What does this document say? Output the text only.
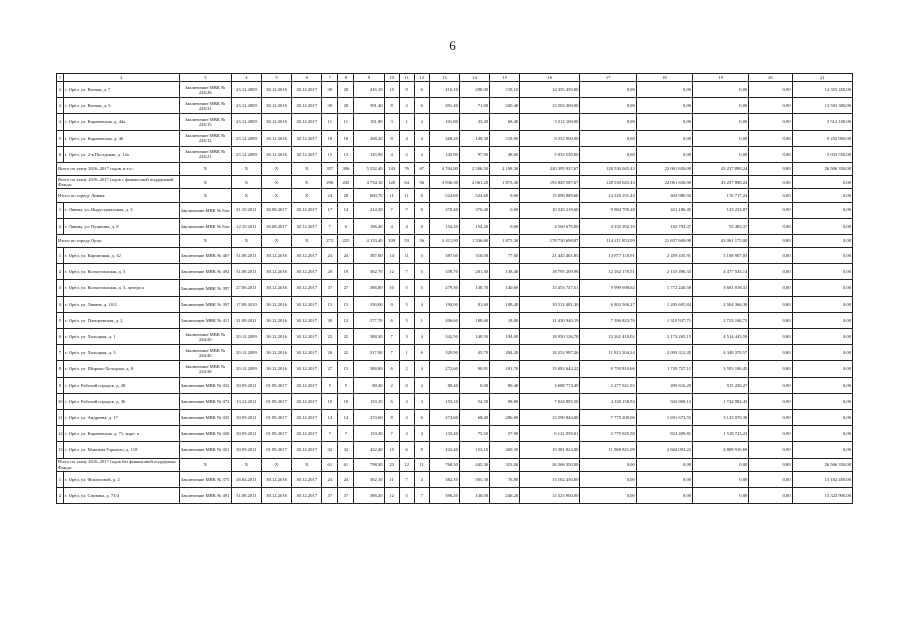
6
1	2	3	4	5	6	7	8	9	10	11	12	13	14	15	16	17	18	19	20	21
2	г. Орёл, ул. Ватная, д. 7	Заключение МВК № 226/28	23.12.2009	30.12.2016	30.12.2017	30	20	416,10	15	9	6	416,10	298,00	118,10	14 355 450,00	0,00	0,00	0,00	0,00	14 355 450,00
3	г. Орёл, ул. Ватная, д. 3	Заключение МВК № 226/31	23.12.2009	30.12.2016	30.12.2017	30	20	391,40	8	2	6	391,40	71,00	320,40	13 503 300,00	0,00	0,00	0,00	0,00	13 503 300,00
4	г. Орёл, ул. Карачевская, д. 44а	Заключение МВК № 226/15	23.12.2009	30.12.2016	30.12.2017	11	11	101,80	3	1	2	101,80	33,40	68,40	3 512 100,00	0,00	0,00	0,00	0,00	3 512 100,00
5	г. Орёл, ул. Карачевская, д. 46	Заключение МВК № 226/12	23.12.2009	30.12.2016	30.12.2017	18	18	268,20	8	4	4	268,20	149,30	118,90	9 252 900,00	0,00	0,00	0,00	0,00	9 252 900,00
6	г. Орёл, ул. 2-я Посадская, д. 14а	Заключение МВК № 226/21	23.12.2009	30.12.2016	30.12.2017	15	15	145,90	4	2	2	145,90	97,90	48,00	5 033 550,00	0,00	0,00	0,00	0,00	5 033 550,00
Всего по этапу 2016–2017 годов, в т.ч.:		X	X	X	X	357	306	5 532,40	143	76	67	4 704,80	2 506,50	2 198,30	220 395 937,67	128 530 045,43	22 061 650,00	43 237 890,24	0,00	26 506 350,00
Всего по этапу 2016–2017 годов с финансовой поддержкой Фонда:		X	X	X	X	296	245	4 734,10	120	64	56	3 936,50	2 061,20	1 875,30	193 829 587,67	128 530 045,43	22 061 650,00	43 237 890,24	0,00	0,00
Итого по городу Ливны:		X	X	X	X	24	20	600,70	11	11	0	524,60	524,60	0,00	15 098 889,60	14 318 191,44	403 980,92	176 717,24	0,00	0,00
1	г. Ливны, ул. Индустриальная, д. 3	Заключение МВК № 6/ш	31.10.2011	30.08.2017	30.12.2017	17	14	414,30	7	7	0	370,40	370,40	0,00	10 529 219,60	9 984 799,28	421 186,45	123 233,87	0,00	0,00
2	г. Ливны, ул. Пушкина, д. 8	Заключение МВК № 6/ш	12.10.2011	30.08.2017	30.12.2017	7	6	186,40	4	4	0	154,20	154,20	0,00	4 569 670,00	4 333 392,16	182 794,47	53 483,37	0,00	0,00
Итого по городу Орлу:		X	X	X	X	272	225	4 133,40	109	53	56	3 411,90	1 536,60	1 875,30	178 730 698,07	114 211 853,99	21 657 669,08	43 061 175,00	0,00	0,00
1	г. Орёл, ул. Кирпичная, д. 32	Заключение МВК № 467	31.08.2011	30.12.2016	30.12.2017	24	24	387,60	14	11	3	387,60	310,00	77,60	21 445 461,85	13 877 118,91	2 459 435,91	5 108 907,03	0,00	0,00
2	г. Орёл, ул. Колхозтанская, д. 3	Заключение МВК № 492	31.08.2011	30.12.2016	30.12.2017	20	19	382,70	12	7	5	339,70	201,30	138,40	18 795 209,98	12 162 170,51	2 155 496,33	4 477 543,14	0,00	0,00
3	г. Орёл, ул. Колхозтанская, д. 3, литера а	Заключение МВК № 397	27.06.2011	30.12.2016	30.12.2017	37	27	386,80	10	5	5	279,30	138,70	140,60	15 453 747,51	9 999 698,62	1 772 240,58	3 681 818,31	0,00	0,00
4	г. Орёл, ул. Ливаев, д. 10/2	Заключение МВК № 397	17.09.2010	30.12.2016	30.12.2017	15	15	190,00	9	5	4	190,00	81,60	108,40	10 512 481,30	6 802 506,27	1 205 605,84	2 504 366,39	0,00	0,00
5	г. Орёл, ул. Плещеевская, д. 2	Заключение МВК № 411	31.08.2011	30.12.2016	30.12.2017	30	12	577,70	6	5	1	206,60	188,60	18,00	11 430 940,19	7 396 823,76	1 310 937,71	2 723 168,72	0,00	0,00
6	г. Орёл, ул. Холодная, д. 1	Заключение МВК № 226/20	29.12.2009	30.12.2016	30.12.2017	25	25	388,30	7	3	4	342,50	148,50	194,00	18 950 126,78	12 262 418,02	2 173 265,15	4 514 443,59	0,00	0,00
7	г. Орёл, ул. Холодная, д. 3	Заключение МВК № 226/40	29.12.2009	30.12.2016	30.12.2017	26	22	317,90	7	1	6	329,90	45,70	284,20	18 252 987,26	11 813 304,24	2 093 312,45	4 348 370,57	0,00	0,00
8	г. Орёл, ул. Широко-Холодная, д. 8	Заключение МВК № 226/38	29.12.2009	30.12.2016	30.12.2017	27	15	388,80	6	2	4	272,60	90,91	181,70	15 082 644,22	9 759 810,66	1 729 727,11	3 593 106,45	0,00	0,00
9	г. Орёл, Рабочий городок, д. 28	Заключение МВК № 432	30.09.2011	01.09.2017	30.12.2017	5	5	80,40	2	0	2	80,40	0,00	80,40	3 688 774,49	2 277 921,93	495 616,29	915 236,27	0,00	0,00
10	г. Орёл, Рабочий городок, д. 36	Заключение МВК № 472	13.12.2011	01.09.2017	30.12.2017	10	10	153,10	6	3	3	153,10	54,30	98,80	7 024 995,50	4 338 158,94	943 869,13	1 742 982,43	0,00	0,00
11	г. Орёл, ул. Андреева, д. 17	Заключение МВК № 435	30.09.2011	01.09.2017	30.12.2017	14	14	274,60	8	2	6	274,60	68,40	206,00	13 590 844,00	7 775 200,06	1 691 673,55	3 123 970,39	0,00	0,00
12	г. Орёл, ул. Карачевская, д. 71, корп. а	Заключение МВК № 430	30.09.2011	01.09.2017	30.12.2017	7	7	153,40	7	3	4	133,40	75,50	57,90	6 121 059,01	3 779 925,58	822 409,81	1 518 723,22	0,00	0,00
13	г. Орёл, ул. Максима Горького, д. 118	Заключение МВК № 431	30.09.2011	01.09.2017	30.12.2017	32	32	422,40	15	6	9	422,40	153,10	269,30	19 381 824,00	11 968 821,09	2 604 092,22	4 808 910,69	0,00	0,00
Всего по этапу 2016–2017 годов без финансовой поддержки Фонда:		X	X	X	X	61	61	798,30	23	12	11	768,30	445,30	323,00	26 566 350,00	0,00	0,00	0,00	0,00	26 566 350,00
1	г. Орёл, ул. Фокзаговой, д. 2	Заключение МВК № 375	26.04.2011	30.12.2016	30.12.2017	24	24	382,10	11	7	4	382,10	305,30	76,80	13 182 450,00	0,00	0,00	0,00	0,00	13 182 450,00
2	г. Орёл, ул. Спивака, д. 73/4	Заключение МВК № 491	31.08.2011	30.12.2016	30.12.2017	37	37	386,20	12	5	7	396,20	140,00	246,20	13 323 900,00	0,00	0,00	0,00	0,00	13 323 900,00
